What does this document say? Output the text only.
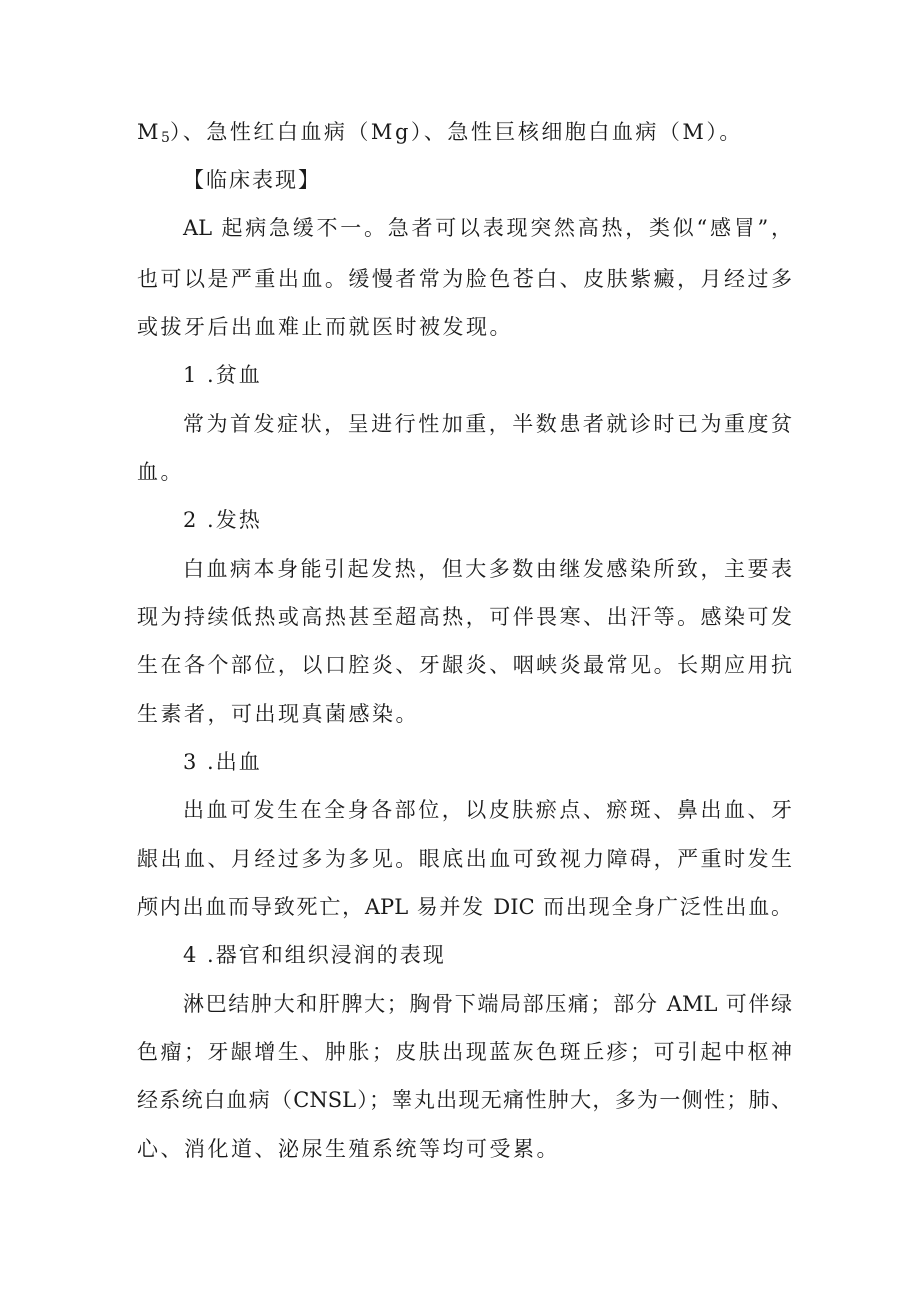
$M_5$）、急性红白血病（Mg）、急性巨核细胞白血病（M）。
【临床表现】
AL 起病急缓不一。急者可以表现突然高热，类似“感冒”，
也可以是严重出血。缓慢者常为脸色苍白、皮肤紫癜，月经过多
或拔牙后出血难止而就医时被发现。
1 .贫血
常为首发症状，呈进行性加重，半数患者就诊时已为重度贫
血。
2 .发热
白血病本身能引起发热，但大多数由继发感染所致，主要表
现为持续低热或高热甚至超高热，可伴畏寒、出汗等。感染可发
生在各个部位，以口腔炎、牙龈炎、咽峡炎最常见。长期应用抗
生素者，可出现真菌感染。
3 .出血
出血可发生在全身各部位，以皮肤瘀点、瘀斑、鼻出血、牙
龈出血、月经过多为多见。眼底出血可致视力障碍，严重时发生
颅内出血而导致死亡，APL 易并发 DIC 而出现全身广泛性出血。
4 .器官和组织浸润的表现
淋巴结肿大和肝脾大；胸骨下端局部压痛；部分 AML 可伴绿
色瘤；牙龈增生、肿胀；皮肤出现蓝灰色斑丘疹；可引起中枢神
经系统白血病（CNSL）；睾丸出现无痛性肿大，多为一侧性；肺、
心、消化道、泌尿生殖系统等均可受累。
